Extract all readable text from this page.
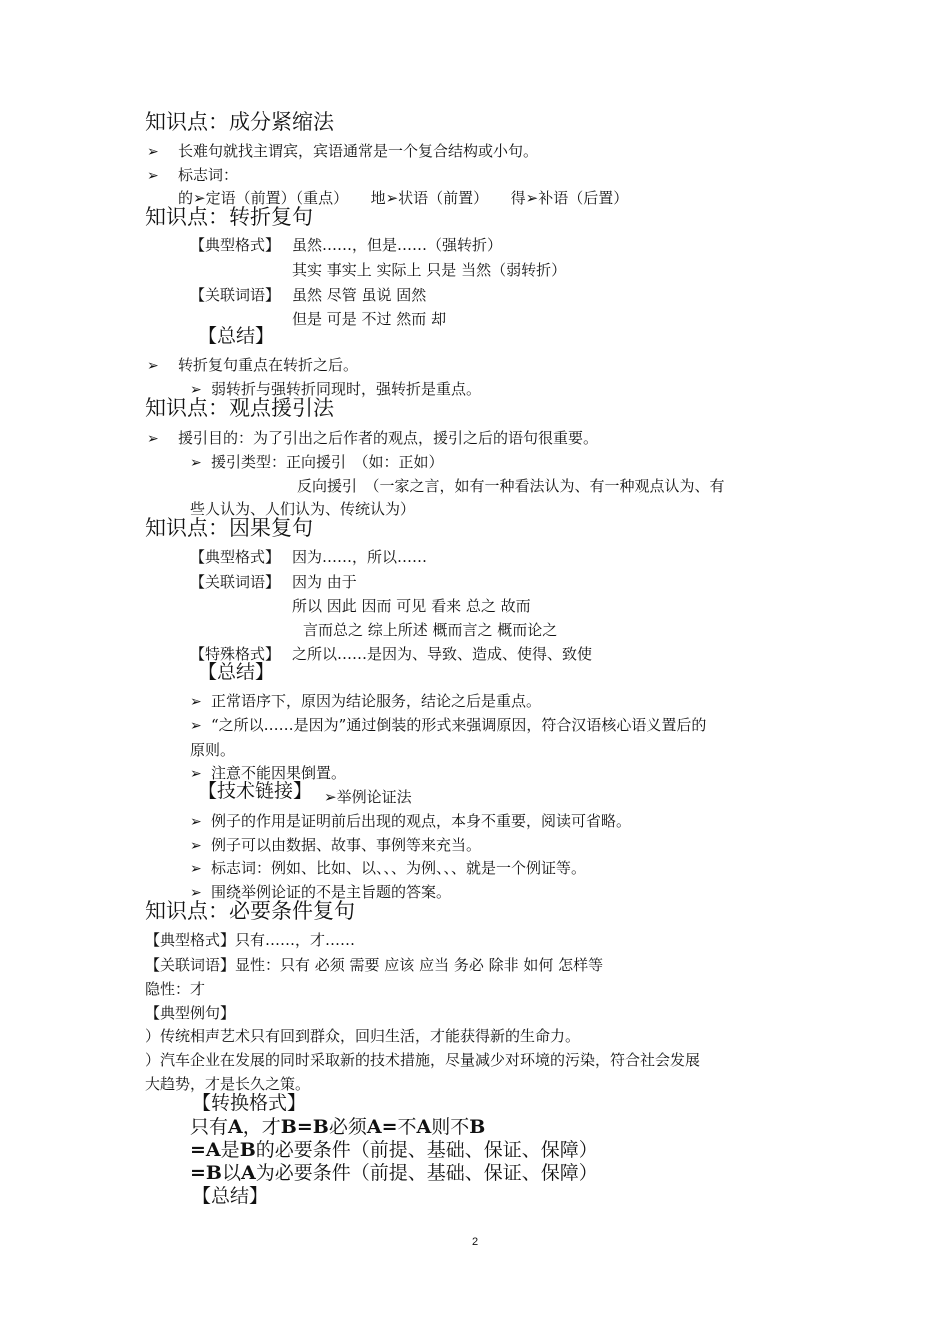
知识点：成分紧缩法
➢ 长难句就找主谓宾，宾语通常是一个复合结构或小句。
➢ 标志词：
的➢定语（前置）（重点）　　地➢状语（前置）　　得➢补语（后置）
知识点：转折复句
【典型格式】 虽然……，但是……（强转折）
其实 事实上 实际上 只是 当然（弱转折）
【关联词语】 虽然 尽管 虽说 固然
但是 可是 不过 然而 却
【总结】
➢ 转折复句重点在转折之后。
➢ 弱转折与强转折同现时，强转折是重点。
知识点：观点援引法
➢ 援引目的：为了引出之后作者的观点，援引之后的语句很重要。
➢ 援引类型：正向援引　（如：正如）
反向援引　（一家之言，如有一种看法认为、有一种观点认为、有
些人认为、人们认为、传统认为）
知识点：因果复句
【典型格式】 因为……，所以……
【关联词语】 因为 由于
所以 因此 因而 可见 看来 总之 故而
言而总之 综上所述 概而言之 概而论之
【特殊格式】 之所以……是因为、导致、造成、使得、致使
【总结】
➢ 正常语序下，原因为结论服务，结论之后是重点。
➢ “之所以……是因为”通过倒装的形式来强调原因，符合汉语核心语义置后的
原则。
➢ 注意不能因果倒置。
【技术链接】 ➢举例论证法
➢ 例子的作用是证明前后出现的观点，本身不重要，阅读可省略。
➢ 例子可以由数据、故事、事例等来充当。
➢ 标志词：例如、比如、以、、、为例、、、就是一个例证等。
➢ 围绕举例论证的不是主旨题的答案。
知识点：必要条件复句
【典型格式】只有……，才……
【关联词语】显性：只有 必须 需要 应该 应当 务必 除非 如何 怎样等
隐性：才
【典型例句】
）传统相声艺术只有回到群众，回归生活，才能获得新的生命力。
）汽车企业在发展的同时采取新的技术措施，尽量减少对环境的污染，符合社会发展
大趋势，才是长久之策。
【转换格式】
只有A，才B=B必须A=不A则不B
=A是B的必要条件（前提、基础、保证、保障）
=B以A为必要条件（前提、基础、保证、保障）
【总结】
2
